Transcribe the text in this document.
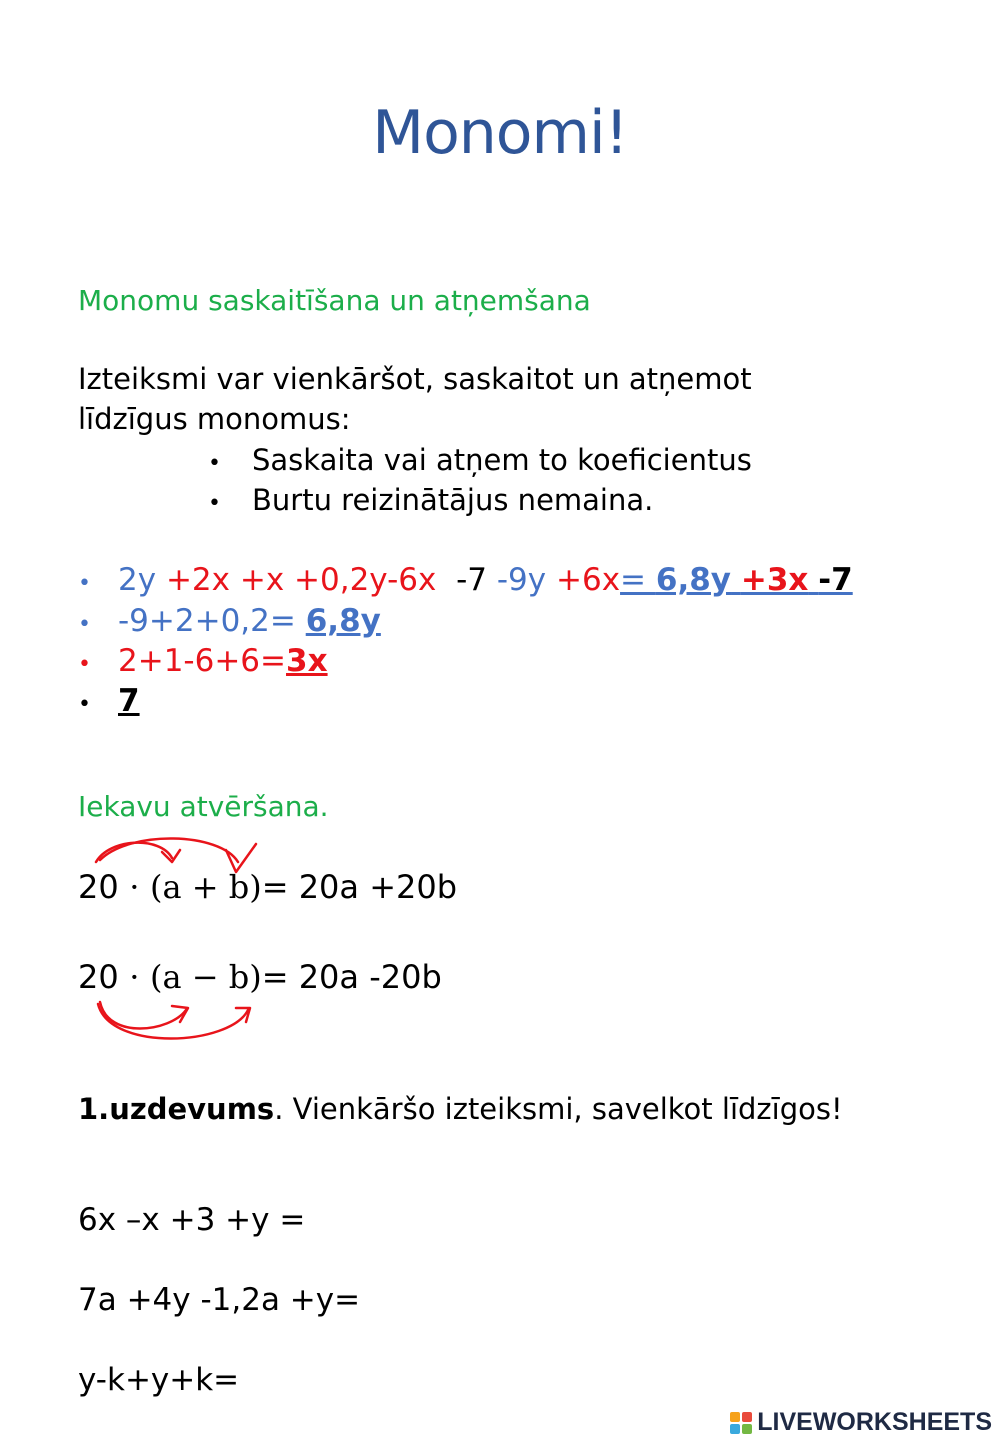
Monomi!
Monomu saskaitīšana un atņemšana
Izteiksmi var vienkāršot, saskaitot un atņemot
līdzīgus monomus:
• Saskaita vai atņem to koeficientus
• Burtu reizinātājus nemaina.
• 2y +2x +x +0,2y-6x -7 -9y +6x= 6,8y +3x -7
• -9+2+0,2= 6,8y
• 2+1-6+6=3x
• 7
Iekavu atvēršana.
20 ⋅ (a + b)= 20a +20b
20 ⋅ (a − b)= 20a -20b
1.uzdevums. Vienkāršo izteiksmi, savelkot līdzīgos!
6x –x +3 +y =
7a +4y -1,2a +y=
y-k+y+k=
LIVEWORKSHEETS
